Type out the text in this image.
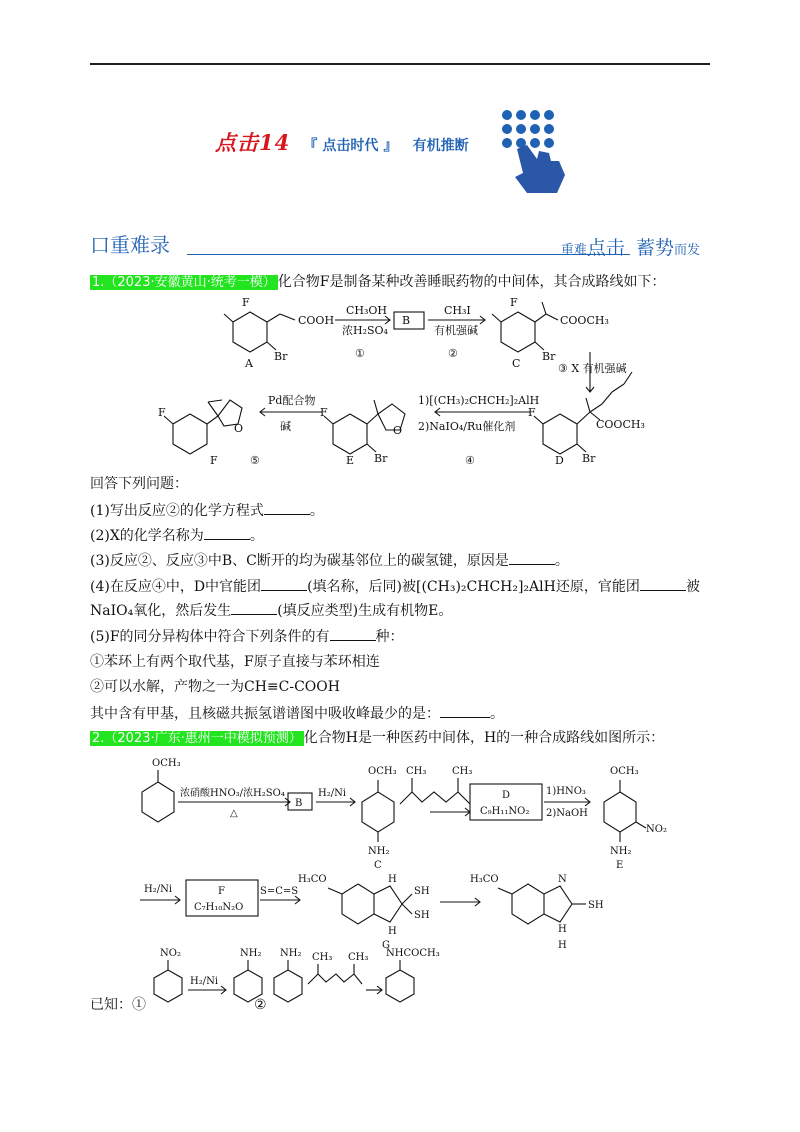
点击14 『 点击时代 』 有机推断
口重难录	重难点击 蓄势而发
1.（2023·安徽黄山·统考一模） 化合物F是制备某种改善睡眠药物的中间体，其合成路线如下：
F
COOH
Br
A
CH₃OH
浓H₂SO₄
①
B
CH₃I
有机强碱
②
F
COOCH₃
Br
C	③ X 有机强碱
F
COOCH₃
Br
D
1)[(CH₃)₂CHCH₂]₂AlH
2)NaIO₄/Ru催化剂
④
F
O
Br
E
Pd配合物
碱
⑤
F
O
F
回答下列问题：
(1)写出反应②的化学方程式	。
(2)X的化学名称为	。
(3)反应②、反应③中B、C断开的均为碳基邻位上的碳氢键，原因是	。
(4)在反应④中，D中官能团	(填名称，后同)被[(CH₃)₂CHCH₂]₂AlH还原，官能团	被
NaIO₄氧化，然后发生	(填反应类型)生成有机物E。
(5)F的同分异构体中符合下列条件的有	种：
①苯环上有两个取代基，F原子直接与苯环相连
②可以水解，产物之一为CH≡C-COOH
其中含有甲基，且核磁共振氢谱谱图中吸收峰最少的是：	。
2.（2023·广东·惠州一中模拟预测） 化合物H是一种医药中间体，H的一种合成路线如图所示：
OCH₃
浓硝酸HNO₃/浓H₂SO₄
△
B
H₂/Ni
OCH₃
NH₂
C
CH₃	CH₃
D
C₉H₁₁NO₂
1)HNO₃
2)NaOH
OCH₃
NO₂
NH₂
E
H₂/Ni	F
C₇H₁₀N₂O
S=C=S
H₃CO	H
SH
SH
H
G
H₃CO	N
SH
H
H
NO₂
H₂/Ni
NH₂ NH₂ CH₃ CH₃ NHCOCH₃
已知：①	②
